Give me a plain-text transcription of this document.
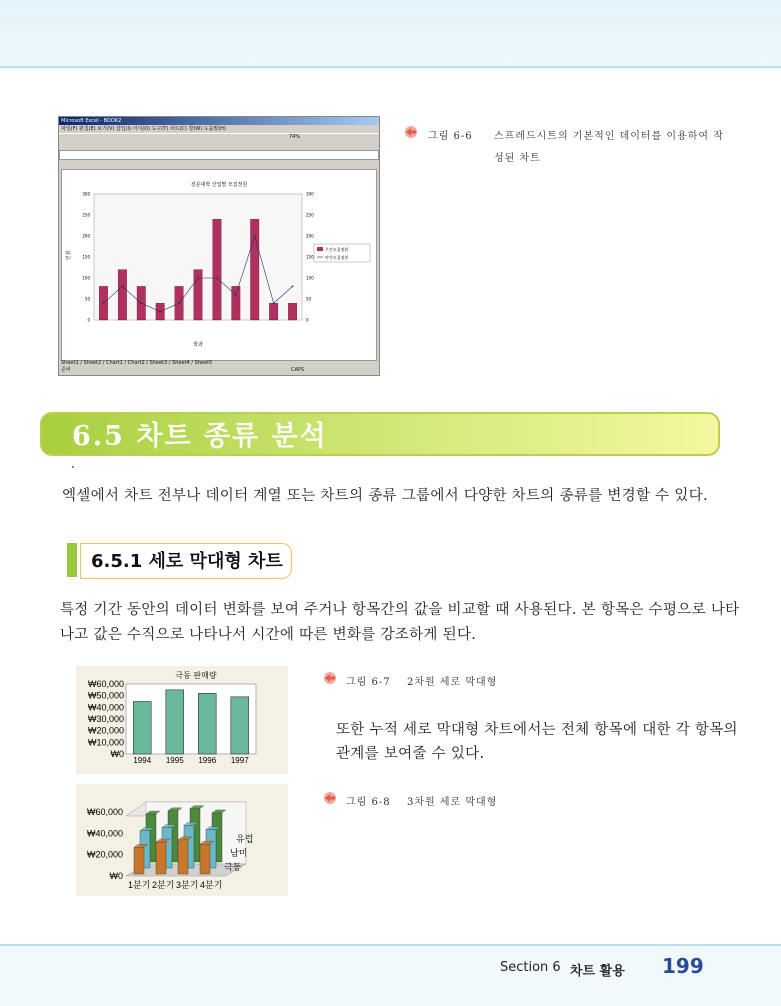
Microsoft Excel - BOOK2
파일(F) 편집(E) 보기(V) 삽입(I) 서식(O) 도구(T) 차트(C) 창(W) 도움말(H)
74%
전문대학 산업별 모집정원
0	0
50	50
100	100
150	150
200	200
250	250
300	300
인원
학과
주간모집정원
야간모집정원
Sheet1 / Sheet2 / Chart1 / Chart2 / Sheet3 / Sheet4 / Sheet5
준비	CAPS
그림 6-6 스프레드시트의 기본적인 데이터를 이용하여 작
성된 차트
6.5 차트 종류 분석
엑셀에서 차트 전부나 데이터 계열 또는 차트의 종류 그룹에서 다양한 차트의 종류를 변경할 수 있다.
6.5.1 세로 막대형 차트
특정 기간 동안의 데이터 변화를 보여 주거나 항목간의 값을 비교할 때 사용된다. 본 항목은 수평으로 나타
나고 값은 수직으로 나타나서 시간에 따른 변화를 강조하게 된다.
극동 판매량
₩0
₩10,000
₩20,000
₩30,000
₩40,000
₩50,000
₩60,000
1994 1995 1996 1997
₩0
₩20,000
₩40,000
₩60,000
1분기 2분기 3분기 4분기
유럽
남미
극동
그림 6-7 2차원 세로 막대형
또한 누적 세로 막대형 차트에서는 전체 항목에 대한 각 항목의
관계를 보여줄 수 있다.
그림 6-8 3차원 세로 막대형
Section 6 차트 활용 199
